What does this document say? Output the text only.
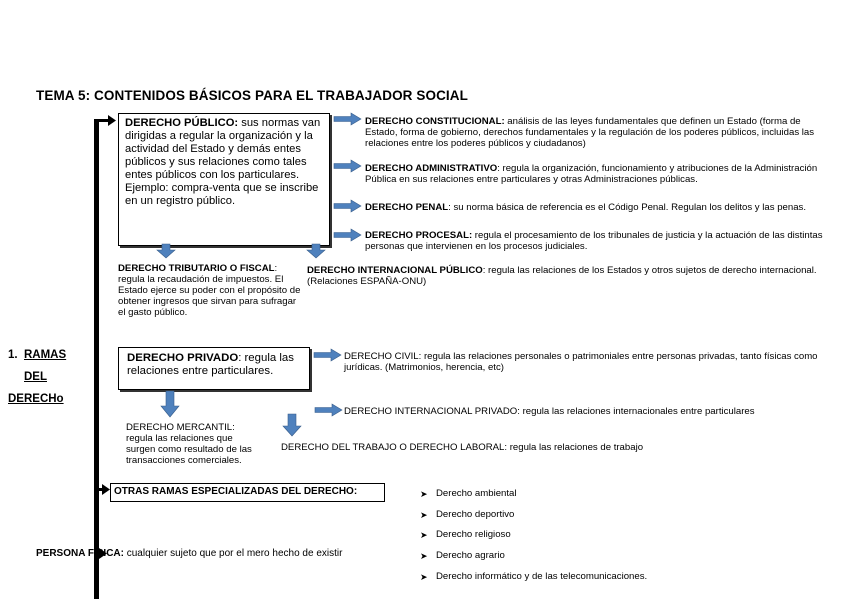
TEMA 5: CONTENIDOS BÁSICOS PARA EL TRABAJADOR SOCIAL
1. RAMAS
DEL
DERECHo
DERECHO PÚBLICO: sus normas van dirigidas a regular la organización y la actividad del Estado y demás entes públicos y sus relaciones como tales entes públicos con los particulares. Ejemplo: compra-venta que se inscribe en un registro público.
DERECHO CONSTITUCIONAL: análisis de las leyes fundamentales que definen un Estado (forma de Estado, forma de gobierno, derechos fundamentales y la regulación de los poderes públicos, incluidas las relaciones entre los poderes públicos y ciudadanos)
DERECHO ADMINISTRATIVO: regula la organización, funcionamiento y atribuciones de la Administración Pública en sus relaciones entre particulares y otras Administraciones públicas.
DERECHO PENAL: su norma básica de referencia es el Código Penal. Regulan los delitos y las penas.
DERECHO PROCESAL: regula el procesamiento de los tribunales de justicia y la actuación de las distintas personas que intervienen en los procesos judiciales.
DERECHO TRIBUTARIO O FISCAL: regula la recaudación de impuestos. El Estado ejerce su poder con el propósito de obtener ingresos que sirvan para sufragar el gasto público.
DERECHO INTERNACIONAL PÚBLICO: regula las relaciones de los Estados y otros sujetos de derecho internacional. (Relaciones ESPAÑA-ONU)
DERECHO PRIVADO: regula las relaciones entre particulares.
DERECHO CIVIL: regula las relaciones personales o patrimoniales entre personas privadas, tanto físicas como jurídicas. (Matrimonios, herencia, etc)
DERECHO INTERNACIONAL PRIVADO: regula las relaciones internacionales entre particulares
DERECHO MERCANTIL: regula las relaciones que surgen como resultado de las transacciones comerciales.
DERECHO DEL TRABAJO O DERECHO LABORAL: regula las relaciones de trabajo
OTRAS RAMAS ESPECIALIZADAS DEL DERECHO:	➤ Derecho ambiental
➤ Derecho deportivo
➤ Derecho religioso
➤ Derecho agrario
➤ Derecho informático y de las telecomunicaciones.
PERSONA FÍSICA: cualquier sujeto que por el mero hecho de existir
